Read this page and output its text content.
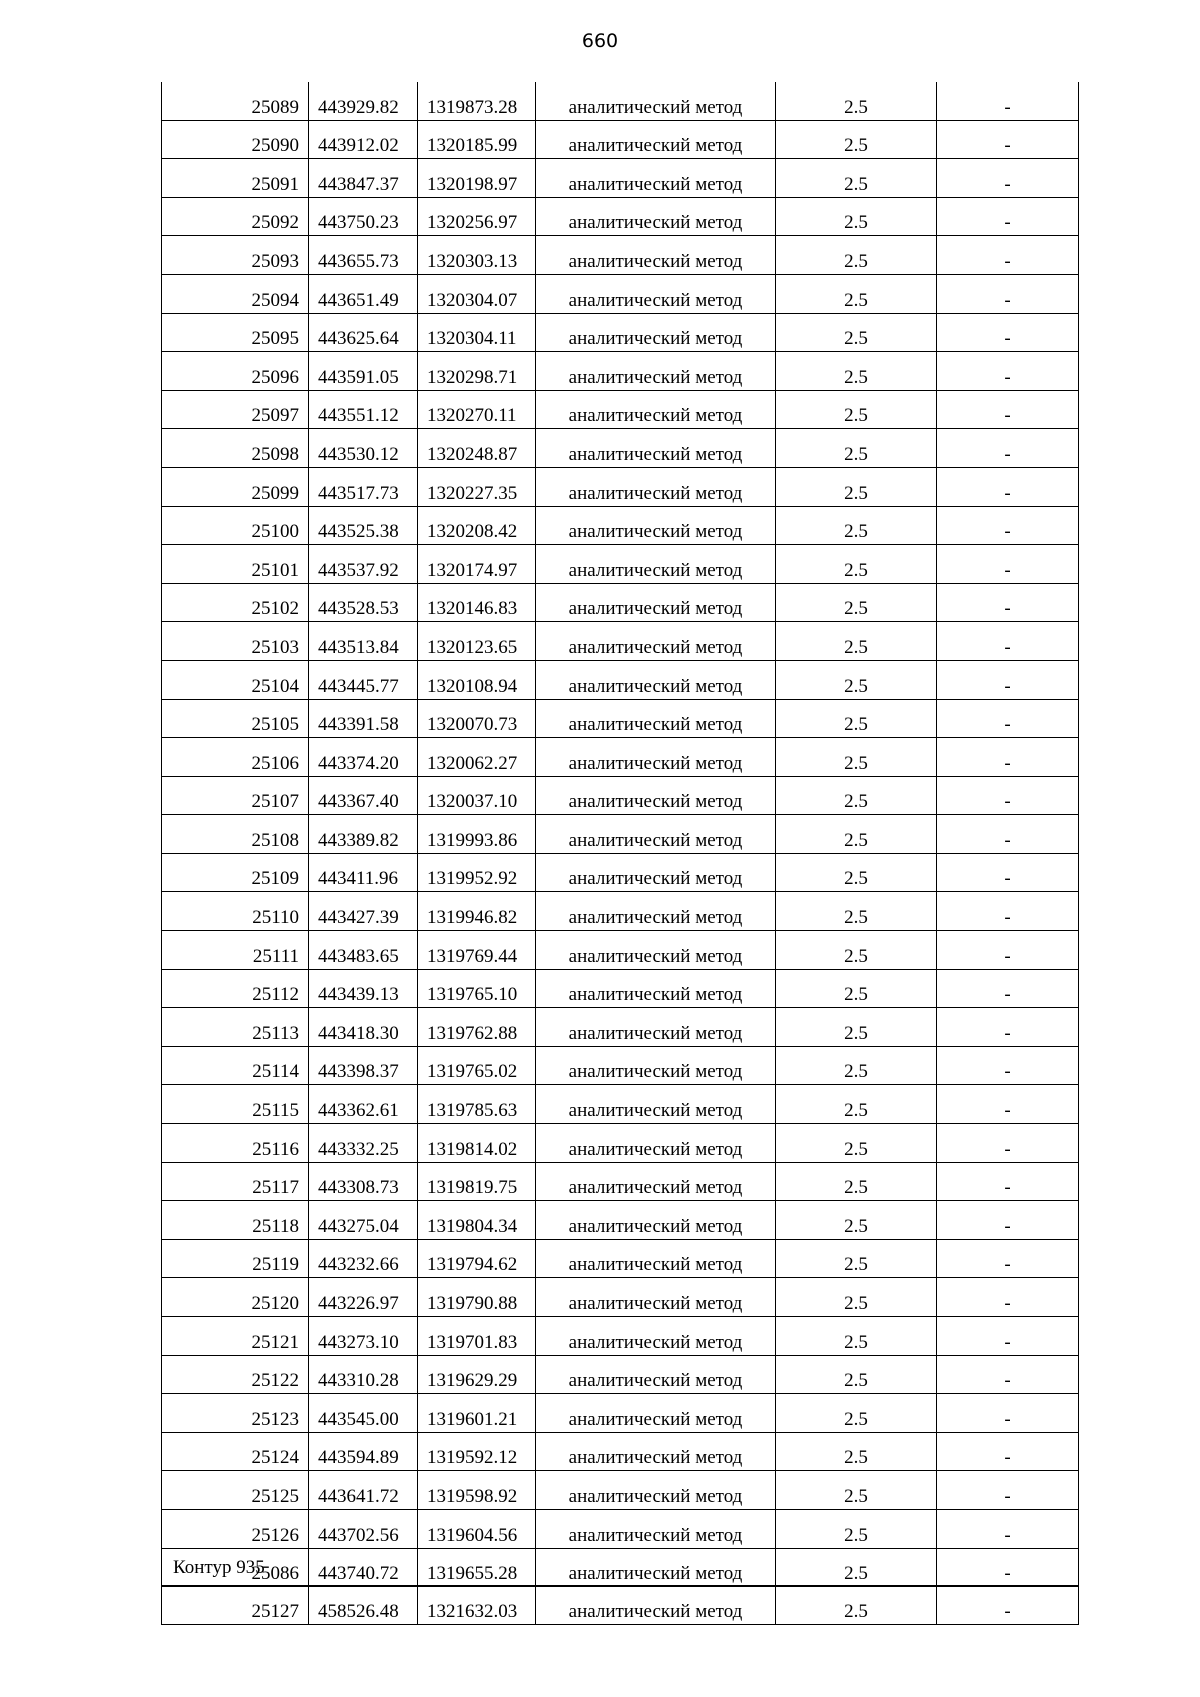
660
25089	443929.82	1319873.28	аналитический метод	2.5	-
25090	443912.02	1320185.99	аналитический метод	2.5	-
25091	443847.37	1320198.97	аналитический метод	2.5	-
25092	443750.23	1320256.97	аналитический метод	2.5	-
25093	443655.73	1320303.13	аналитический метод	2.5	-
25094	443651.49	1320304.07	аналитический метод	2.5	-
25095	443625.64	1320304.11	аналитический метод	2.5	-
25096	443591.05	1320298.71	аналитический метод	2.5	-
25097	443551.12	1320270.11	аналитический метод	2.5	-
25098	443530.12	1320248.87	аналитический метод	2.5	-
25099	443517.73	1320227.35	аналитический метод	2.5	-
25100	443525.38	1320208.42	аналитический метод	2.5	-
25101	443537.92	1320174.97	аналитический метод	2.5	-
25102	443528.53	1320146.83	аналитический метод	2.5	-
25103	443513.84	1320123.65	аналитический метод	2.5	-
25104	443445.77	1320108.94	аналитический метод	2.5	-
25105	443391.58	1320070.73	аналитический метод	2.5	-
25106	443374.20	1320062.27	аналитический метод	2.5	-
25107	443367.40	1320037.10	аналитический метод	2.5	-
25108	443389.82	1319993.86	аналитический метод	2.5	-
25109	443411.96	1319952.92	аналитический метод	2.5	-
25110	443427.39	1319946.82	аналитический метод	2.5	-
25111	443483.65	1319769.44	аналитический метод	2.5	-
25112	443439.13	1319765.10	аналитический метод	2.5	-
25113	443418.30	1319762.88	аналитический метод	2.5	-
25114	443398.37	1319765.02	аналитический метод	2.5	-
25115	443362.61	1319785.63	аналитический метод	2.5	-
25116	443332.25	1319814.02	аналитический метод	2.5	-
25117	443308.73	1319819.75	аналитический метод	2.5	-
25118	443275.04	1319804.34	аналитический метод	2.5	-
25119	443232.66	1319794.62	аналитический метод	2.5	-
25120	443226.97	1319790.88	аналитический метод	2.5	-
25121	443273.10	1319701.83	аналитический метод	2.5	-
25122	443310.28	1319629.29	аналитический метод	2.5	-
25123	443545.00	1319601.21	аналитический метод	2.5	-
25124	443594.89	1319592.12	аналитический метод	2.5	-
25125	443641.72	1319598.92	аналитический метод	2.5	-
25126	443702.56	1319604.56	аналитический метод	2.5	-
25086	443740.72	1319655.28	аналитический метод	2.5	-
Контур 935
25127	458526.48	1321632.03	аналитический метод	2.5	-
